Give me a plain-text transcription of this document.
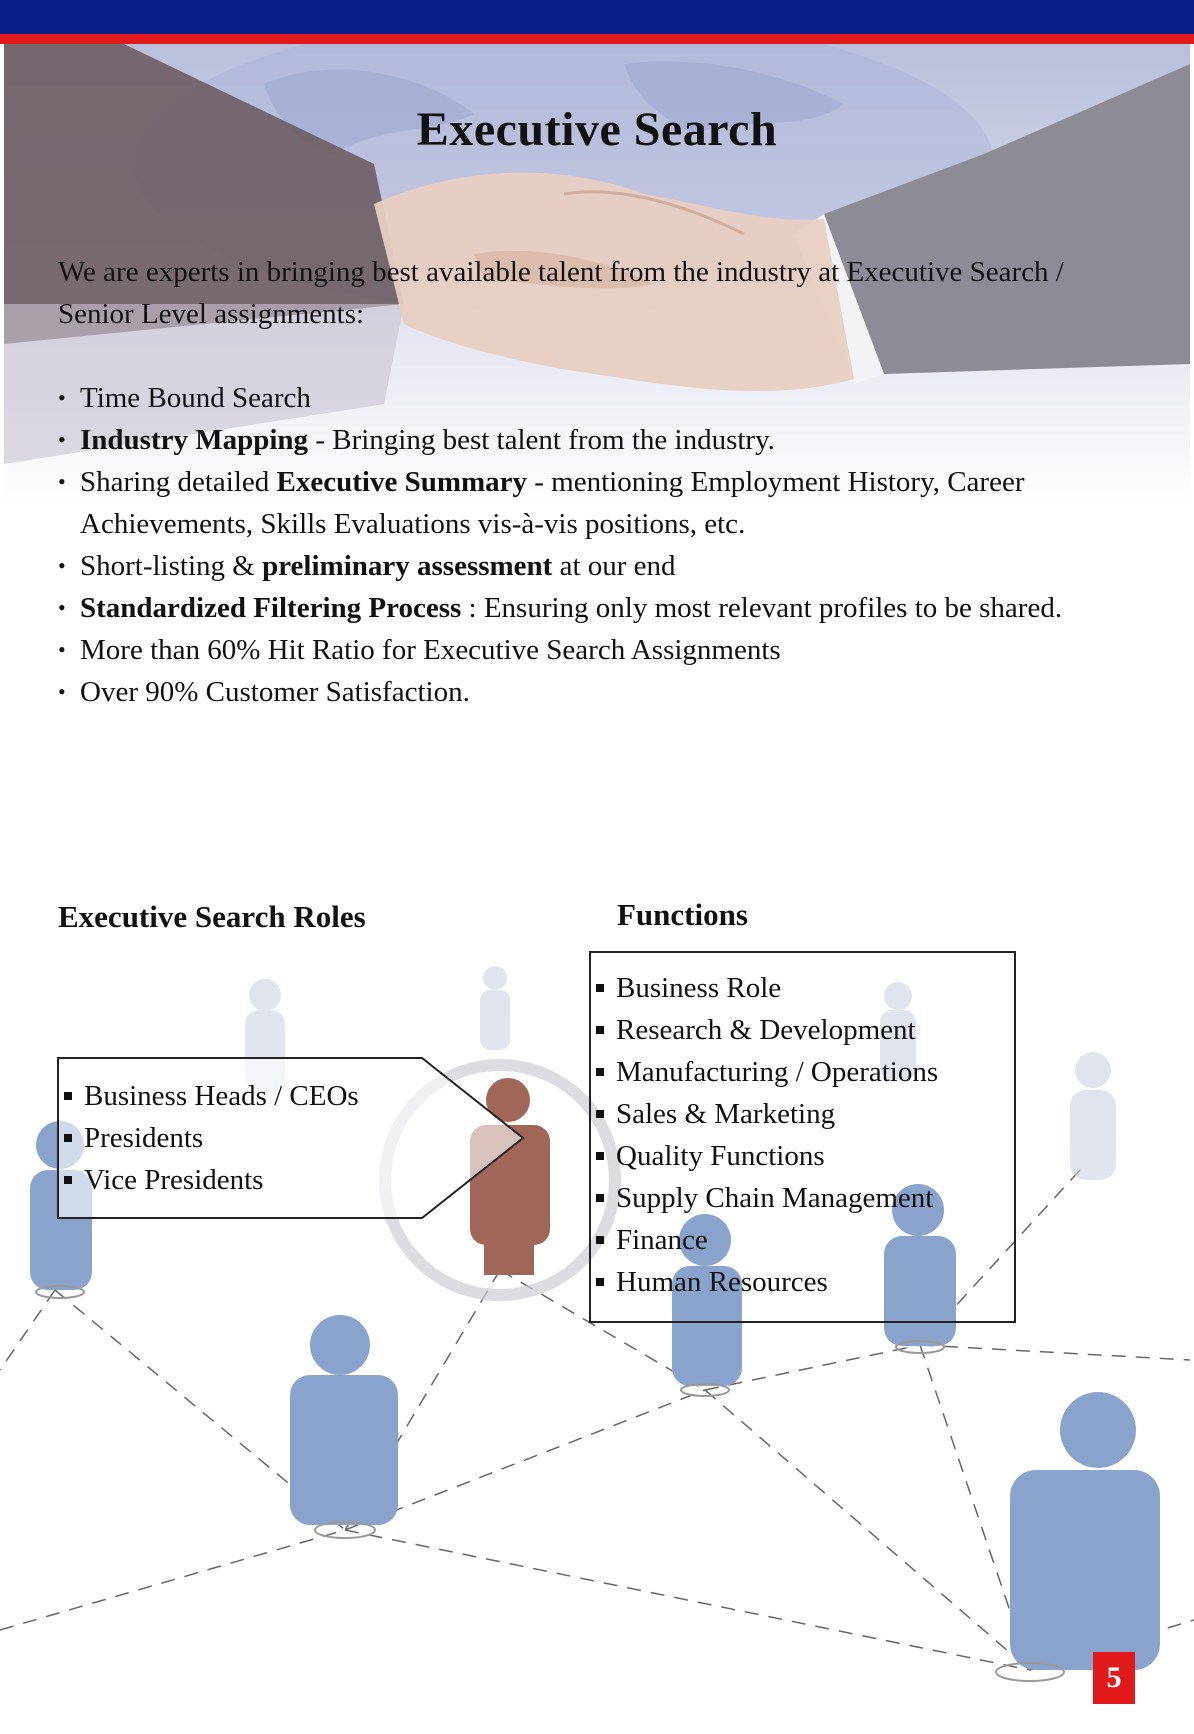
Executive Search
We are experts in bringing best available talent from the industry at Executive Search / Senior Level assignments:
• Time Bound Search
• Industry Mapping - Bringing best talent from the industry.
• Sharing detailed Executive Summary - mentioning Employment History, Career Achievements, Skills Evaluations vis-à-vis positions, etc.
• Short-listing & preliminary assessment at our end
• Standardized Filtering Process : Ensuring only most relevant profiles to be shared.
• More than 60% Hit Ratio for Executive Search Assignments
• Over 90% Customer Satisfaction.
Executive Search Roles	Functions
Business Heads / CEOs
Presidents
Vice Presidents
Business Role
Research & Development
Manufacturing / Operations
Sales & Marketing
Quality Functions
Supply Chain Management
Finance
Human Resources
5
